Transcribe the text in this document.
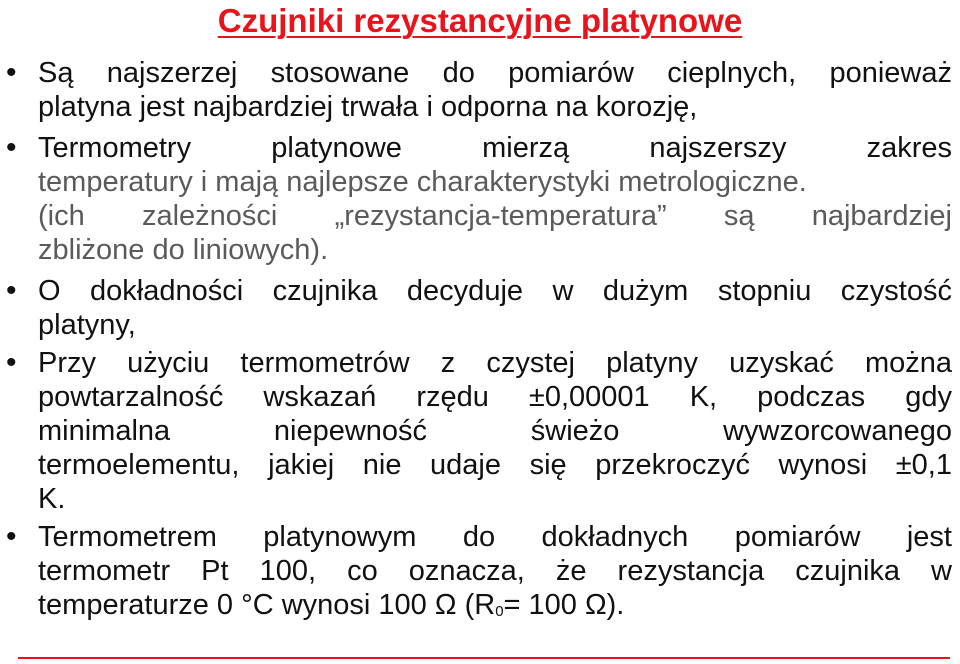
Czujniki rezystancyjne platynowe
• Są najszerzej stosowane do pomiarów cieplnych, ponieważ
platyna jest najbardziej trwała i odporna na korozję,
• Termometry platynowe mierzą najszerszy zakres
temperatury i mają najlepsze charakterystyki metrologiczne.
(ich zależności „rezystancja-temperatura” są najbardziej
zbliżone do liniowych).
• O dokładności czujnika decyduje w dużym stopniu czystość
platyny,
• Przy użyciu termometrów z czystej platyny uzyskać można
powtarzalność wskazań rzędu ±0,00001 K, podczas gdy
minimalna niepewność świeżo wywzorcowanego
termoelementu, jakiej nie udaje się przekroczyć wynosi ±0,1
K.
• Termometrem platynowym do dokładnych pomiarów jest
termometr Pt 100, co oznacza, że rezystancja czujnika w
temperaturze 0 °C wynosi 100 Ω (R0= 100 Ω).
